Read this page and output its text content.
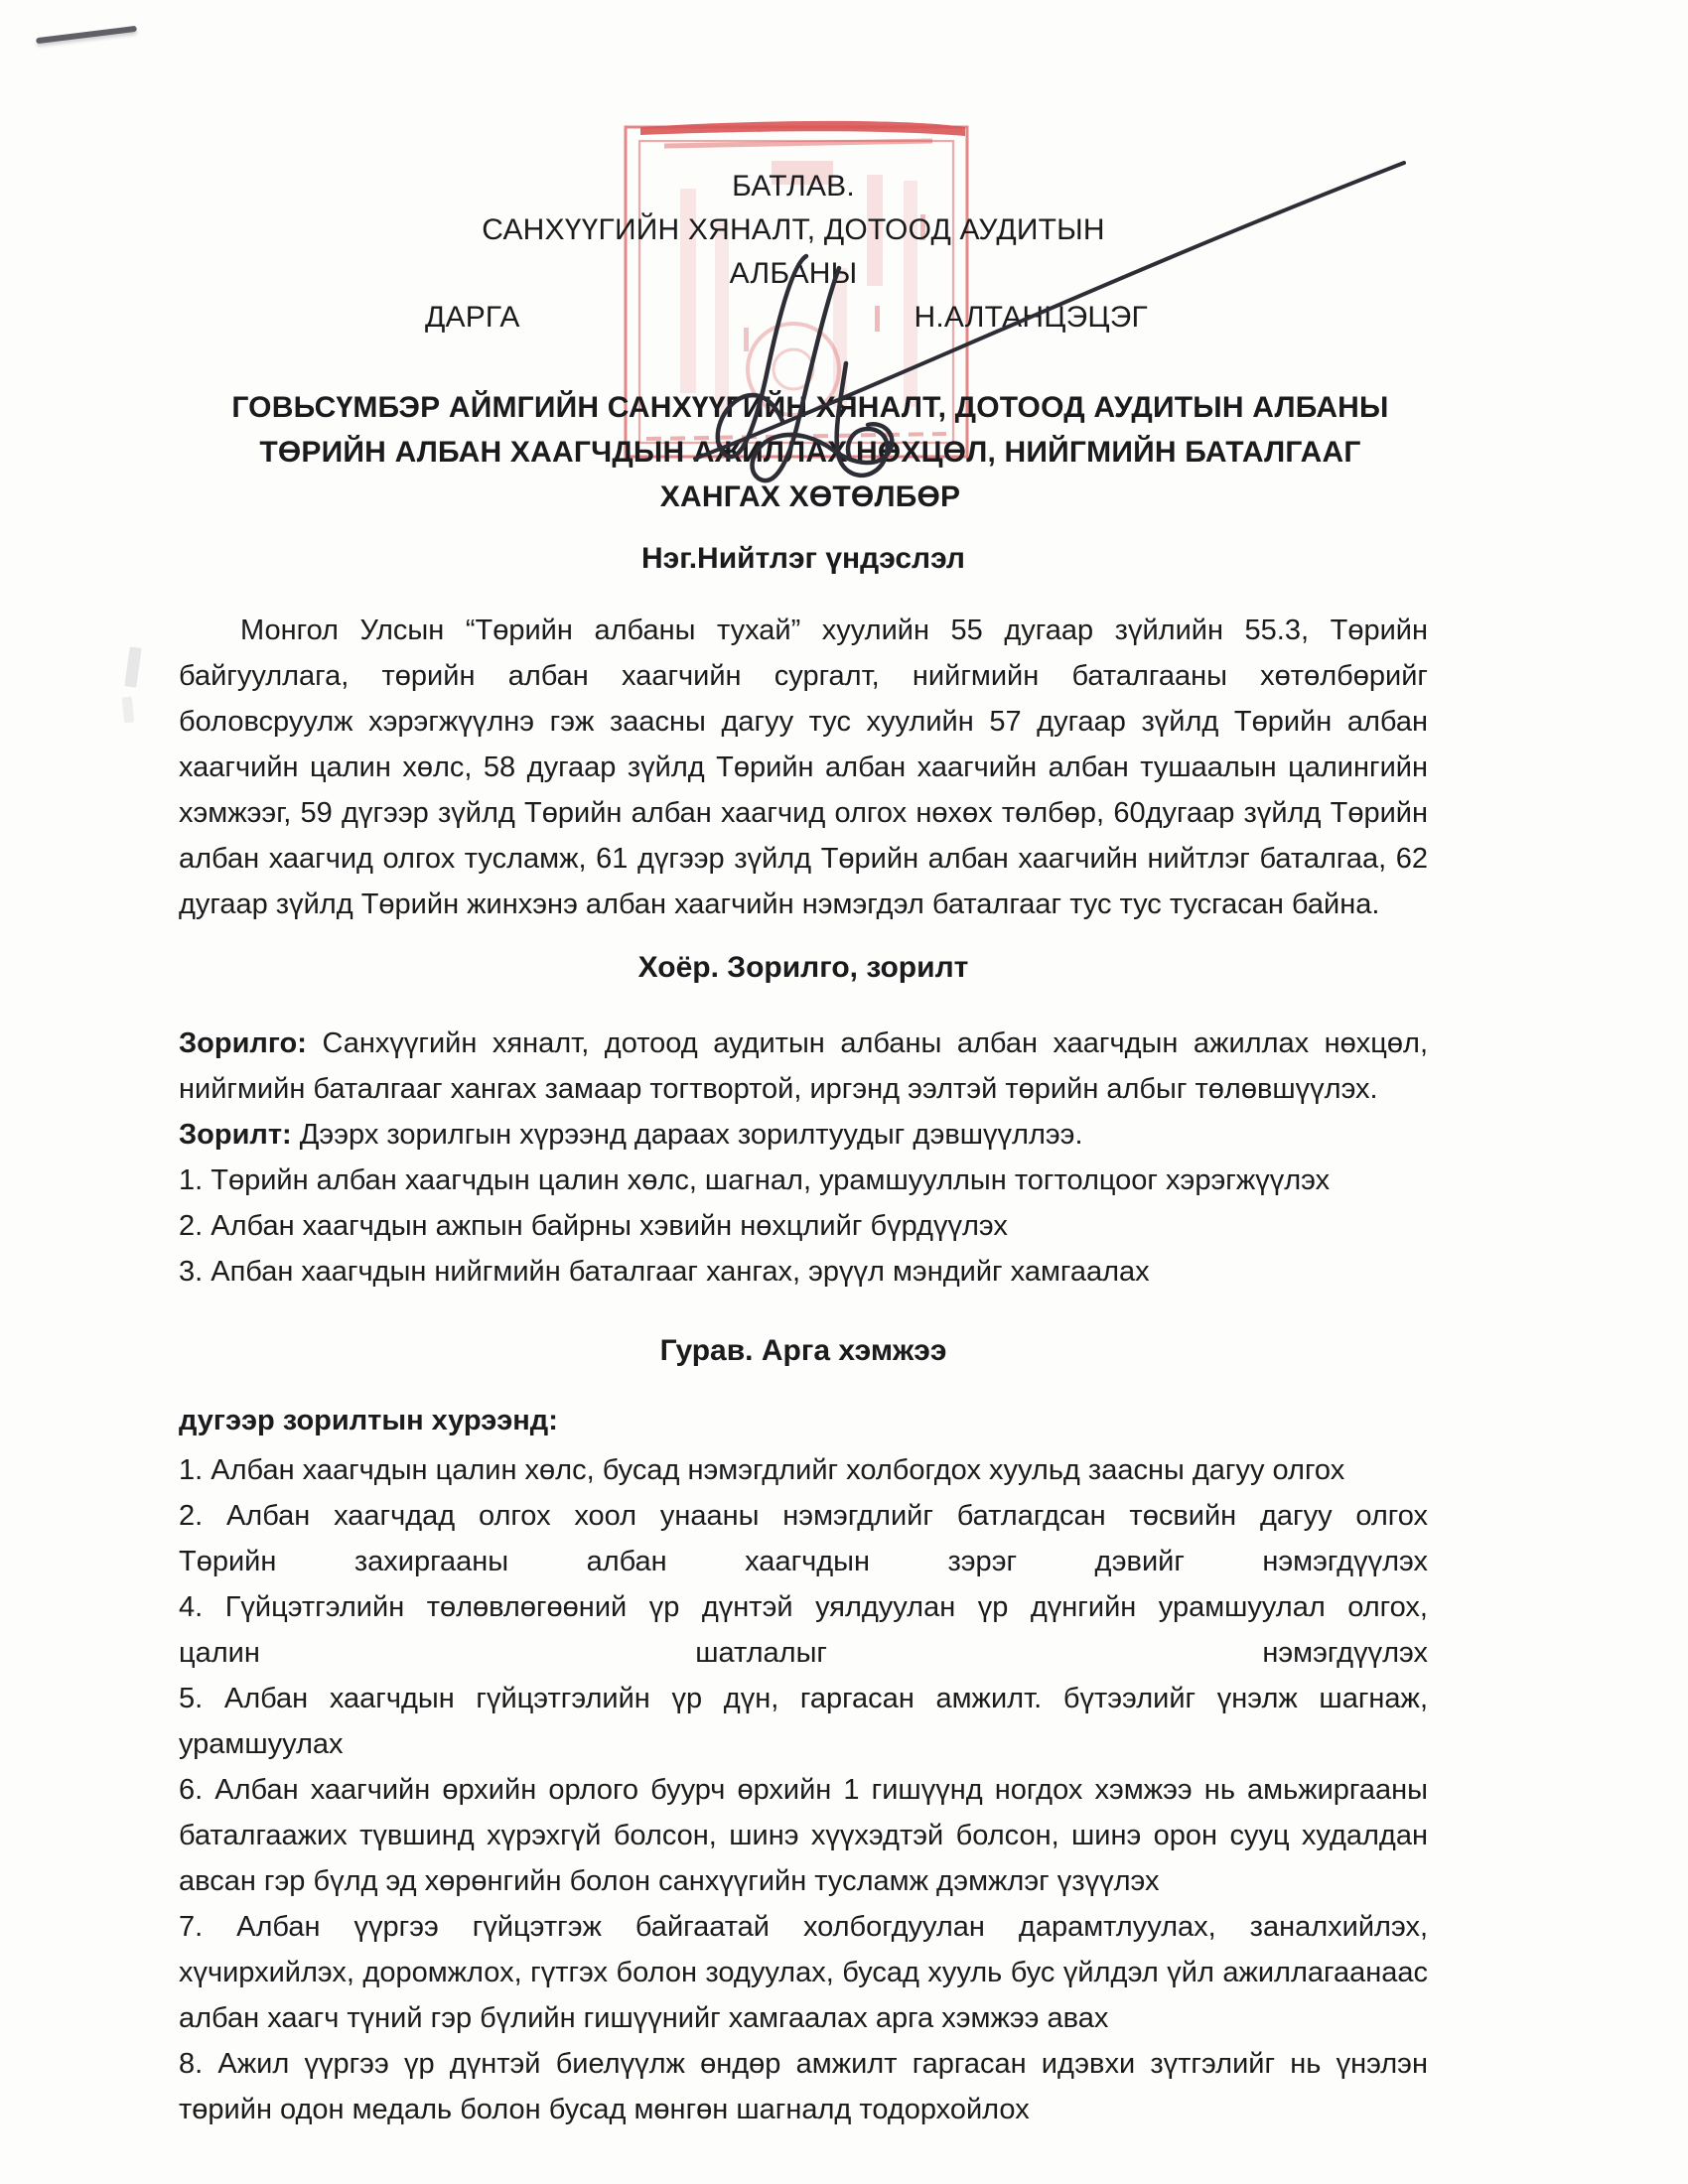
БАТЛАВ.
САНХҮҮГИЙН ХЯНАЛТ, ДОТООД АУДИТЫН АЛБАНЫ
ДАРГА	Н.АЛТАНЦЭЦЭГ
ГОВЬСҮМБЭР АЙМГИЙН САНХҮҮГИЙН ХЯНАЛТ, ДОТООД АУДИТЫН АЛБАНЫ
ТӨРИЙН АЛБАН ХААГЧДЫН АЖИЛЛАХ НӨХЦӨЛ, НИЙГМИЙН БАТАЛГААГ
ХАНГАХ ХӨТӨЛБӨР

Нэг.Нийтлэг үндэслэл

Монгол Улсын “Төрийн албаны тухай” хуулийн 55 дугаар зүйлийн 55.3, Төрийн байгууллага, төрийн албан хаагчийн сургалт, нийгмийн баталгааны хөтөлбөрийг боловсруулж хэрэгжүүлнэ гэж заасны дагуу тус хуулийн 57 дугаар зүйлд Төрийн албан хаагчийн цалин хөлс, 58 дугаар зүйлд Төрийн албан хаагчийн албан тушаалын цалингийн хэмжээг, 59 дүгээр зүйлд Төрийн албан хаагчид олгох нөхөх төлбөр, 60дугаар зүйлд Төрийн албан хаагчид олгох тусламж, 61 дүгээр зүйлд Төрийн албан хаагчийн нийтлэг баталгаа, 62 дугаар зүйлд Төрийн жинхэнэ албан хаагчийн нэмэгдэл баталгааг тус тус тусгасан байна.

Хоёр. Зорилго, зорилт

Зорилго: Санхүүгийн хяналт, дотоод аудитын албаны албан хаагчдын ажиллах нөхцөл, нийгмийн баталгааг хангах замаар тогтвортой, иргэнд ээлтэй төрийн албыг төлөвшүүлэх.

Зорилт: Дээрх зорилгын хүрээнд дараах зорилтуудыг дэвшүүллээ.

1. Төрийн албан хаагчдын цалин хөлс, шагнал, урамшууллын тогтолцоог хэрэгжүүлэх

2. Албан хаагчдын ажпын байрны хэвийн нөхцлийг бүрдүүлэх

3. Апбан хаагчдын нийгмийн баталгааг хангах, эрүүл мэндийг хамгаалах

Гурав. Арга хэмжээ

дугээр зорилтын хурээнд:

1. Албан хаагчдын цалин хөлс, бусад нэмэгдлийг холбогдох хуульд заасны дагуу олгох

2. Албан хаагчдад олгох хоол унааны нэмэгдлийг батлагдсан төсвийн дагуу олгох

Төрийн захиргааны албан хаагчдын зэрэг дэвийг нэмэгдүүлэх

4. Гүйцэтгэлийн төлөвлөгөөний үр дүнтэй уялдуулан үр дүнгийн урамшуулал олгох,

цалин шатлалыг нэмэгдүүлэх

5. Албан хаагчдын гүйцэтгэлийн үр дүн, гаргасан амжилт. бүтээлийг үнэлж шагнаж, урамшуулах

6. Албан хаагчийн өрхийн орлого буурч өрхийн 1 гишүүнд ногдох хэмжээ нь амьжиргааны баталгаажих түвшинд хүрэхгүй болсон, шинэ хүүхэдтэй болсон, шинэ орон сууц худалдан авсан гэр бүлд эд хөрөнгийн болон санхүүгийн тусламж дэмжлэг үзүүлэх

7. Албан үүргээ гүйцэтгэж байгаатай холбогдуулан дарамтлуулах, заналхийлэх, хүчирхийлэх, доромжлох, гүтгэх болон зодуулах, бусад хууль бус үйлдэл үйл ажиллагаанаас албан хаагч түний гэр бүлийн гишүүнийг хамгаалах арга хэмжээ авах

8. Ажил үүргээ үр дүнтэй биелүүлж өндөр амжилт гаргасан идэвхи зүтгэлийг нь үнэлэн төрийн одон медаль болон бусад мөнгөн шагналд тодорхойлох
